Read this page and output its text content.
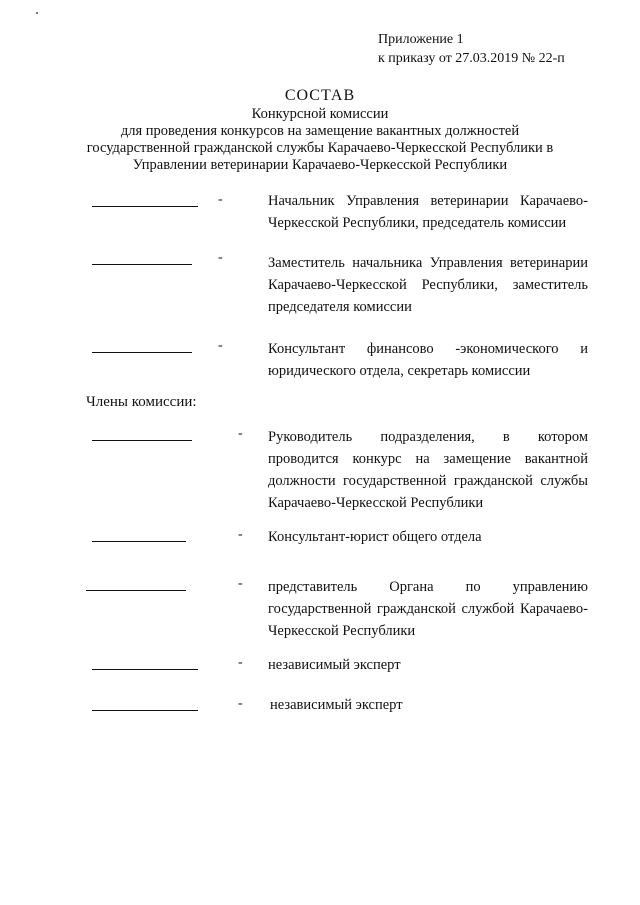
Приложение 1
к приказу от 27.03.2019 № 22-п
СОСТАВ
Конкурсной комиссии
для проведения конкурсов на замещение вакантных должностей
государственной гражданской службы Карачаево-Черкесской Республики в
Управлении ветеринарии Карачаево-Черкесской Республики
-	Начальник Управления ветеринарии Карачаево-Черкесской Республики, председатель комиссии
-	Заместитель начальника Управления ветеринарии Карачаево-Черкесской Республики, заместитель председателя комиссии
-	Консультант финансово -экономического и юридического отдела, секретарь комиссии
Члены комиссии:
- Руководитель подразделения, в котором проводится конкурс на замещение вакантной должности государственной гражданской службы Карачаево-Черкесской Республики
- Консультант-юрист общего отдела
- представитель Органа по управлению государственной гражданской службой Карачаево-Черкесской Республики
- независимый эксперт
- независимый эксперт
